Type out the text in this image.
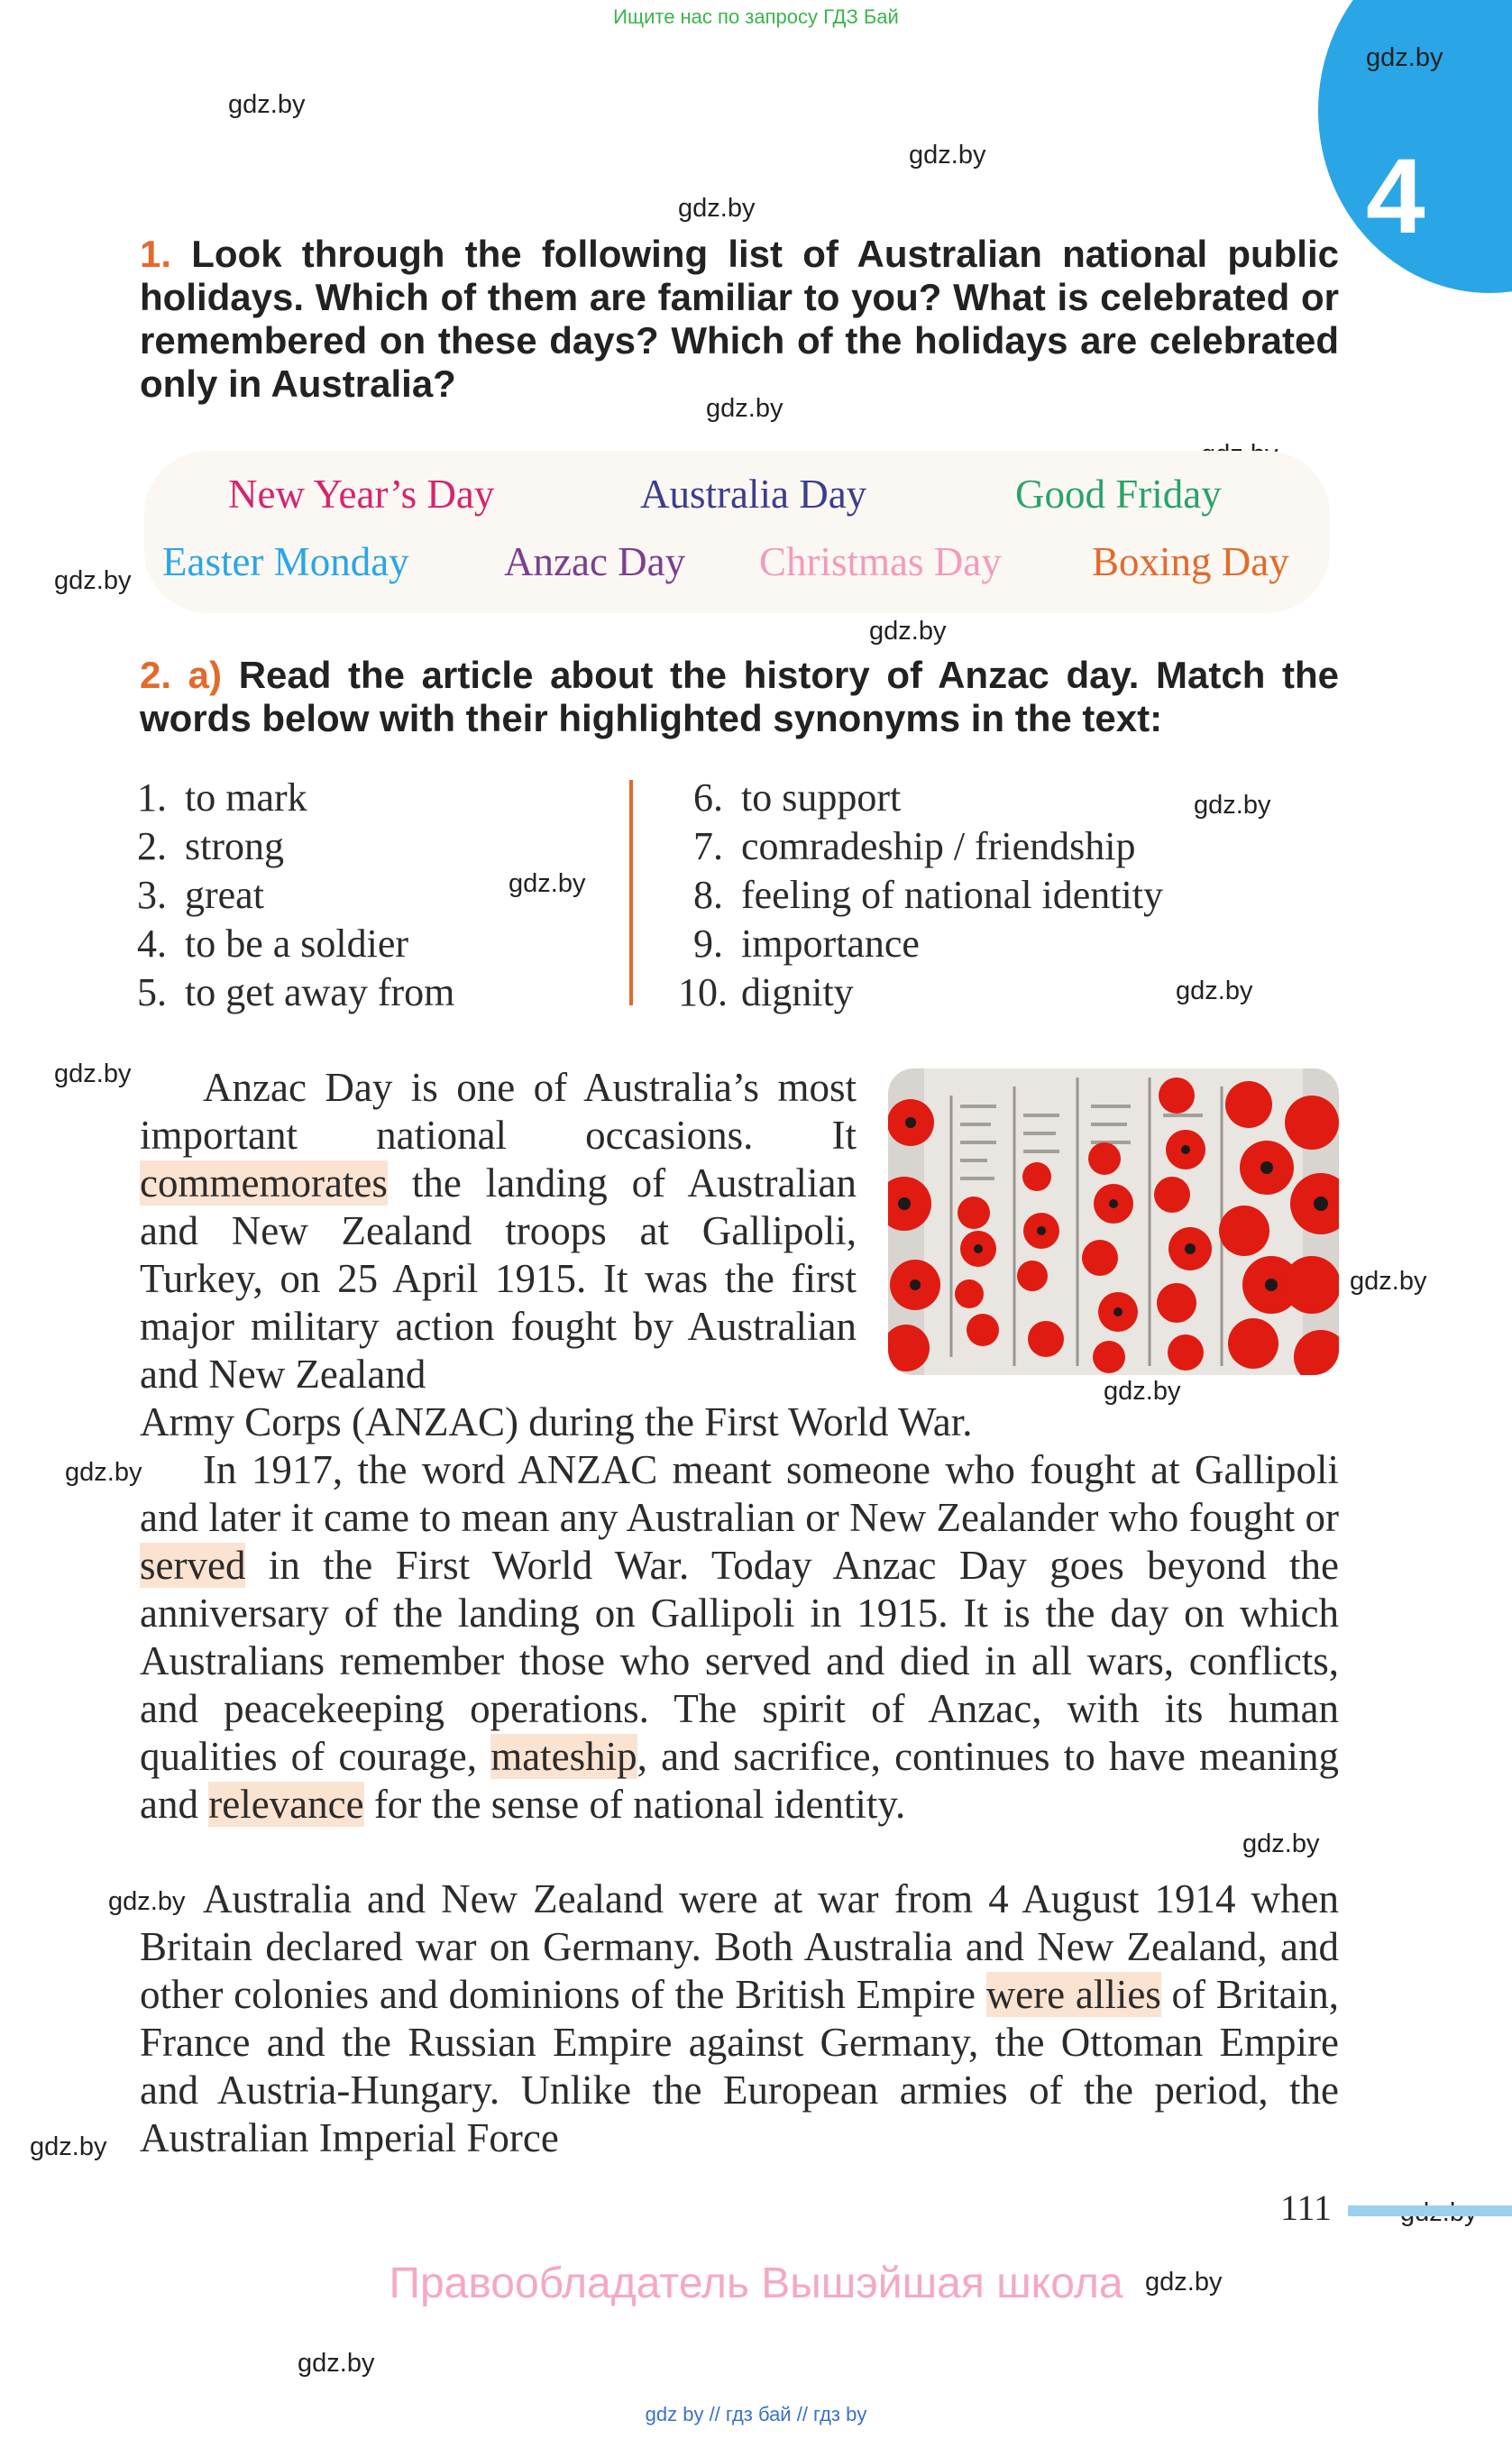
Ищите нас по запросу ГДЗ Бай
4
gdz.by
gdz.by
gdz.by
gdz.by
gdz.by
gdz.by
gdz.by
gdz.by
gdz.by
gdz.by
gdz.by
gdz.by
gdz.by
gdz.by
gdz.by
gdz.by
gdz.by
gdz.by
gdz.by
1. Look through the following list of Australian national public holidays. Which of them are familiar to you? What is celebrated or remembered on these days? Which of the holidays are celebrated only in Australia?
New Year’s Day	Australia Day	Good Friday
Easter Monday Anzac Day Christmas Day Boxing Day
2. a) Read the article about the history of Anzac day. Match the words below with their highlighted synonyms in the text:
1. to mark
2. strong
3. great
4. to be a soldier
5. to get away from
6. to support
7. comradeship / friendship
8. feeling of national identity
9. importance
10. dignity

Anzac Day is one of Australia’s most important national occasions. It commemorates the landing of Australian and New Zealand troops at Gallipoli, Turkey, on 25 April 1915. It was the first major military action fought by Australian and New Zealand

Army Corps (ANZAC) during the First World War.

In 1917, the word ANZAC meant someone who fought at Gallipoli and later it came to mean any Australian or New Zealander who fought or served in the First World War. Today Anzac Day goes beyond the anniversary of the landing on Gallipoli in 1915. It is the day on which Australians remember those who served and died in all wars, conflicts, and peacekeeping operations. The spirit of Anzac, with its human qualities of courage, mateship, and sacrifice, continues to have meaning and relevance for the sense of national identity.

Australia and New Zealand were at war from 4 August 1914 when Britain declared war on Germany. Both Australia and New Zealand, and other colonies and dominions of the British Empire were allies of Britain, France and the Russian Empire against Germany, the Ottoman Empire and Austria-Hungary. Unlike the European armies of the period, the Australian Imperial Force

111
Правообладатель Вышэйшая школа
gdz by // гдз бай // гдз by
